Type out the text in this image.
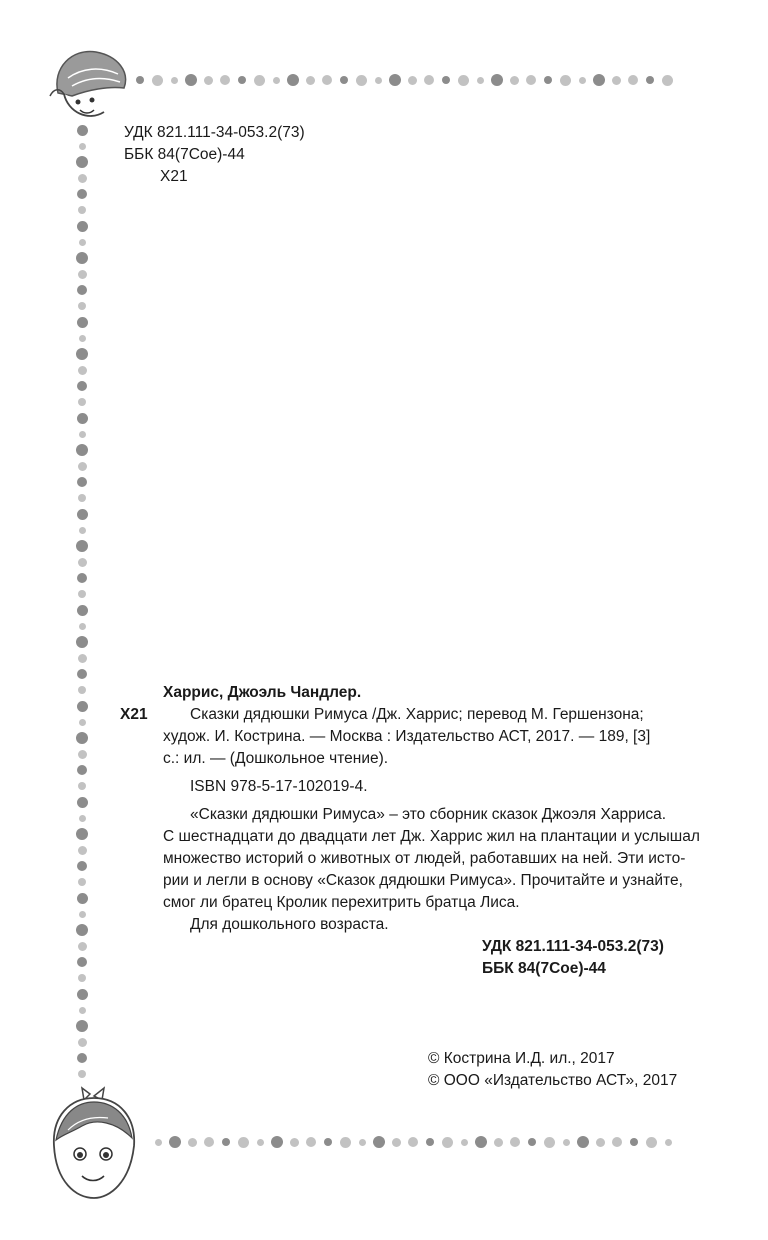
УДК 821.111-34-053.2(73)
ББК 84(7Сое)-44
Х21
Харрис, Джоэль Чандлер.
Х21	Сказки дядюшки Римуса /Дж. Харрис; перевод М. Гершензона;
худож. И. Кострина. — Москва : Издательство АСТ, 2017. — 189, [3]
с.: ил. — (Дошкольное чтение).
ISBN 978-5-17-102019-4.
«Сказки дядюшки Римуса» – это сборник сказок Джоэля Харриса.
С шестнадцати до двадцати лет Дж. Харрис жил на плантации и услышал
множество историй о животных от людей, работавших на ней. Эти исто-
рии и легли в основу «Сказок дядюшки Римуса». Прочитайте и узнайте,
смог ли братец Кролик перехитрить братца Лиса.
Для дошкольного возраста.
УДК 821.111-34-053.2(73)
ББК 84(7Сое)-44
© Кострина И.Д. ил., 2017
© ООО «Издательство АСТ», 2017
